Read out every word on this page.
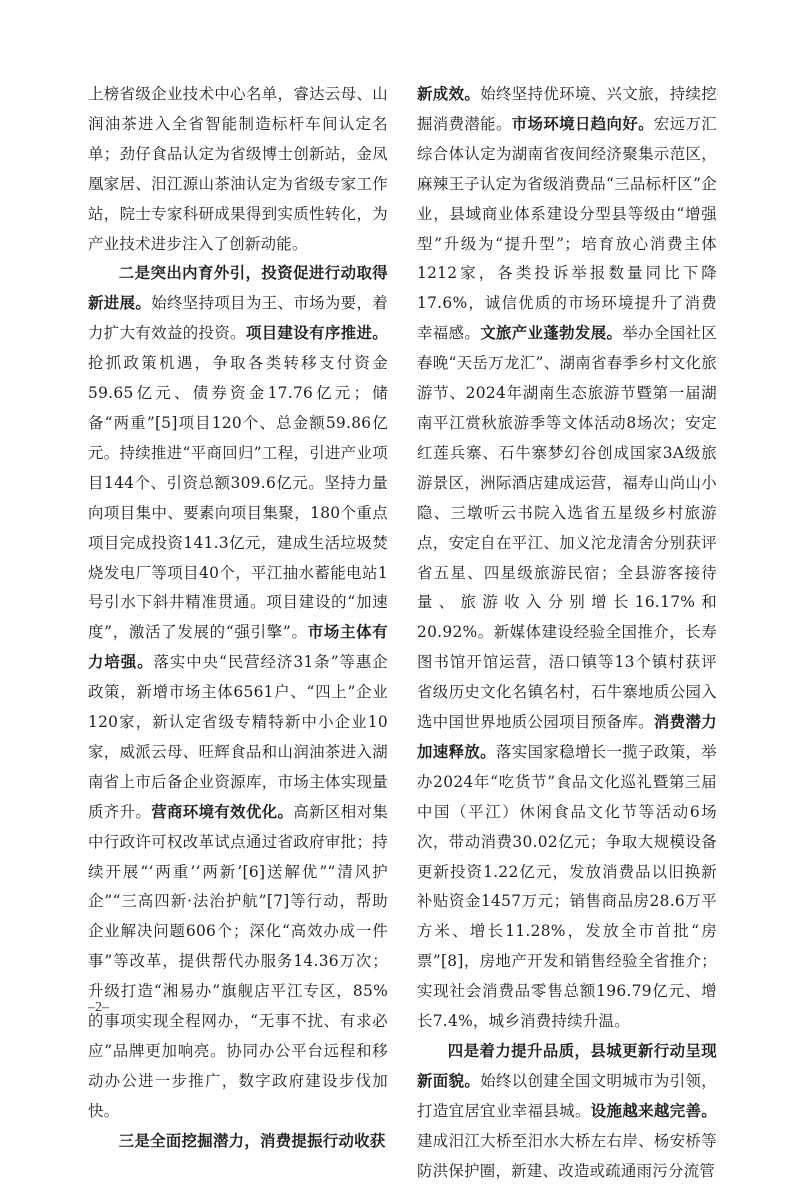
上榜省级企业技术中心名单，睿达云母、山润油茶进入全省智能制造标杆车间认定名单；劲仔食品认定为省级博士创新站，金凤凰家居、汨江源山茶油认定为省级专家工作站，院士专家科研成果得到实质性转化，为产业技术进步注入了创新动能。

二是突出内育外引，投资促进行动取得新进展。始终坚持项目为王、市场为要，着力扩大有效益的投资。项目建设有序推进。抢抓政策机遇，争取各类转移支付资金59.65亿元、债券资金17.76亿元；储备“两重”[5]项目120个、总金额59.86亿元。持续推进“平商回归”工程，引进产业项目144个、引资总额309.6亿元。坚持力量向项目集中、要素向项目集聚，180个重点项目完成投资141.3亿元，建成生活垃圾焚烧发电厂等项目40个，平江抽水蓄能电站1号引水下斜井精准贯通。项目建设的“加速度”，激活了发展的“强引擎”。市场主体有力培强。落实中央“民营经济31条”等惠企政策，新增市场主体6561户、“四上”企业120家，新认定省级专精特新中小企业10家，威派云母、旺辉食品和山润油茶进入湖南省上市后备企业资源库，市场主体实现量质齐升。营商环境有效优化。高新区相对集中行政许可权改革试点通过省政府审批；持续开展“‘两重’‘两新’[6]送解优”“清风护企”“三高四新·法治护航”[7]等行动，帮助企业解决问题606个；深化“高效办成一件事”等改革，提供帮代办服务14.36万次；升级打造“湘易办”旗舰店平江专区，85%的事项实现全程网办，“无事不扰、有求必应”品牌更加响亮。协同办公平台远程和移动办公进一步推广，数字政府建设步伐加快。

三是全面挖掘潜力，消费提振行动收获

新成效。始终坚持优环境、兴文旅，持续挖掘消费潜能。市场环境日趋向好。宏远万汇综合体认定为湖南省夜间经济聚集示范区，麻辣王子认定为省级消费品“三品标杆区”企业，县域商业体系建设分型县等级由“增强型”升级为“提升型”；培育放心消费主体1212家，各类投诉举报数量同比下降17.6%，诚信优质的市场环境提升了消费幸福感。文旅产业蓬勃发展。举办全国社区春晚“天岳万龙汇”、湖南省春季乡村文化旅游节、2024年湖南生态旅游节暨第一届湖南平江赏秋旅游季等文体活动8场次；安定红莲兵寨、石牛寨梦幻谷创成国家3A级旅游景区，洲际酒店建成运营，福寿山尚山小隐、三墩听云书院入选省五星级乡村旅游点，安定自在平江、加义沱龙清舍分别获评省五星、四星级旅游民宿；全县游客接待量、旅游收入分别增长16.17%和20.92%。新媒体建设经验全国推介，长寿图书馆开馆运营，浯口镇等13个镇村获评省级历史文化名镇名村，石牛寨地质公园入选中国世界地质公园项目预备库。消费潜力加速释放。落实国家稳增长一揽子政策，举办2024年“吃货节”食品文化巡礼暨第三届中国（平江）休闲食品文化节等活动6场次，带动消费30.02亿元；争取大规模设备更新投资1.22亿元，发放消费品以旧换新补贴资金1457万元；销售商品房28.6万平方米、增长11.28%，发放全市首批“房票”[8]，房地产开发和销售经验全省推介；实现社会消费品零售总额196.79亿元、增长7.4%，城乡消费持续升温。

四是着力提升品质，县城更新行动呈现新面貌。始终以创建全国文明城市为引领，打造宜居宜业幸福县城。设施越来越完善。建成汨江大桥至汨水大桥左右岸、杨安桥等防洪保护圈，新建、改造或疏通雨污分流管

–2–
